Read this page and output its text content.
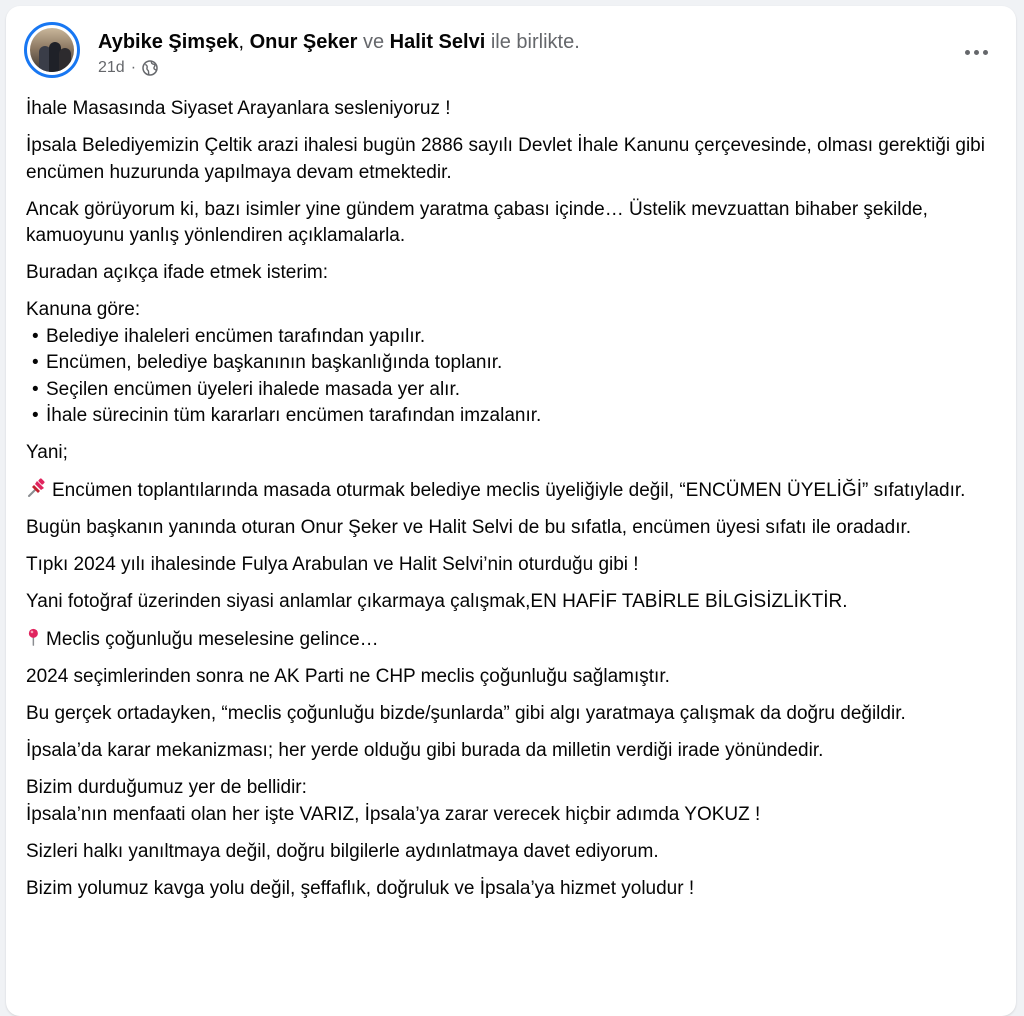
Aybike Şimşek, Onur Şeker ve Halit Selvi ile birlikte.
21d ·

İhale Masasında Siyaset Arayanlara sesleniyoruz !

İpsala Belediyemizin Çeltik arazi ihalesi bugün 2886 sayılı Devlet İhale Kanunu çerçevesinde, olması gerektiği gibi encümen huzurunda yapılmaya devam etmektedir.

Ancak görüyorum ki, bazı isimler yine gündem yaratma çabası içinde… Üstelik mevzuattan bihaber şekilde, kamuoyunu yanlış yönlendiren açıklamalarla.

Buradan açıkça ifade etmek isterim:

Kanuna göre:
• Belediye ihaleleri encümen tarafından yapılır.
• Encümen, belediye başkanının başkanlığında toplanır.
• Seçilen encümen üyeleri ihalede masada yer alır.
• İhale sürecinin tüm kararları encümen tarafından imzalanır.

Yani;

Encümen toplantılarında masada oturmak belediye meclis üyeliğiyle değil, “ENCÜMEN ÜYELİĞİ” sıfatıyladır.

Bugün başkanın yanında oturan Onur Şeker ve Halit Selvi de bu sıfatla, encümen üyesi sıfatı ile oradadır.

Tıpkı 2024 yılı ihalesinde Fulya Arabulan ve Halit Selvi’nin oturduğu gibi !

Yani fotoğraf üzerinden siyasi anlamlar çıkarmaya çalışmak,EN HAFİF TABİRLE BİLGİSİZLİKTİR.

Meclis çoğunluğu meselesine gelince…

2024 seçimlerinden sonra ne AK Parti ne CHP meclis çoğunluğu sağlamıştır.

Bu gerçek ortadayken, “meclis çoğunluğu bizde/şunlarda” gibi algı yaratmaya çalışmak da doğru değildir.

İpsala’da karar mekanizması; her yerde olduğu gibi burada da milletin verdiği irade yönündedir.

Bizim durduğumuz yer de bellidir:
İpsala’nın menfaati olan her işte VARIZ, İpsala’ya zarar verecek hiçbir adımda YOKUZ !

Sizleri halkı yanıltmaya değil, doğru bilgilerle aydınlatmaya davet ediyorum.

Bizim yolumuz kavga yolu değil, şeffaflık, doğruluk ve İpsala’ya hizmet yoludur !
